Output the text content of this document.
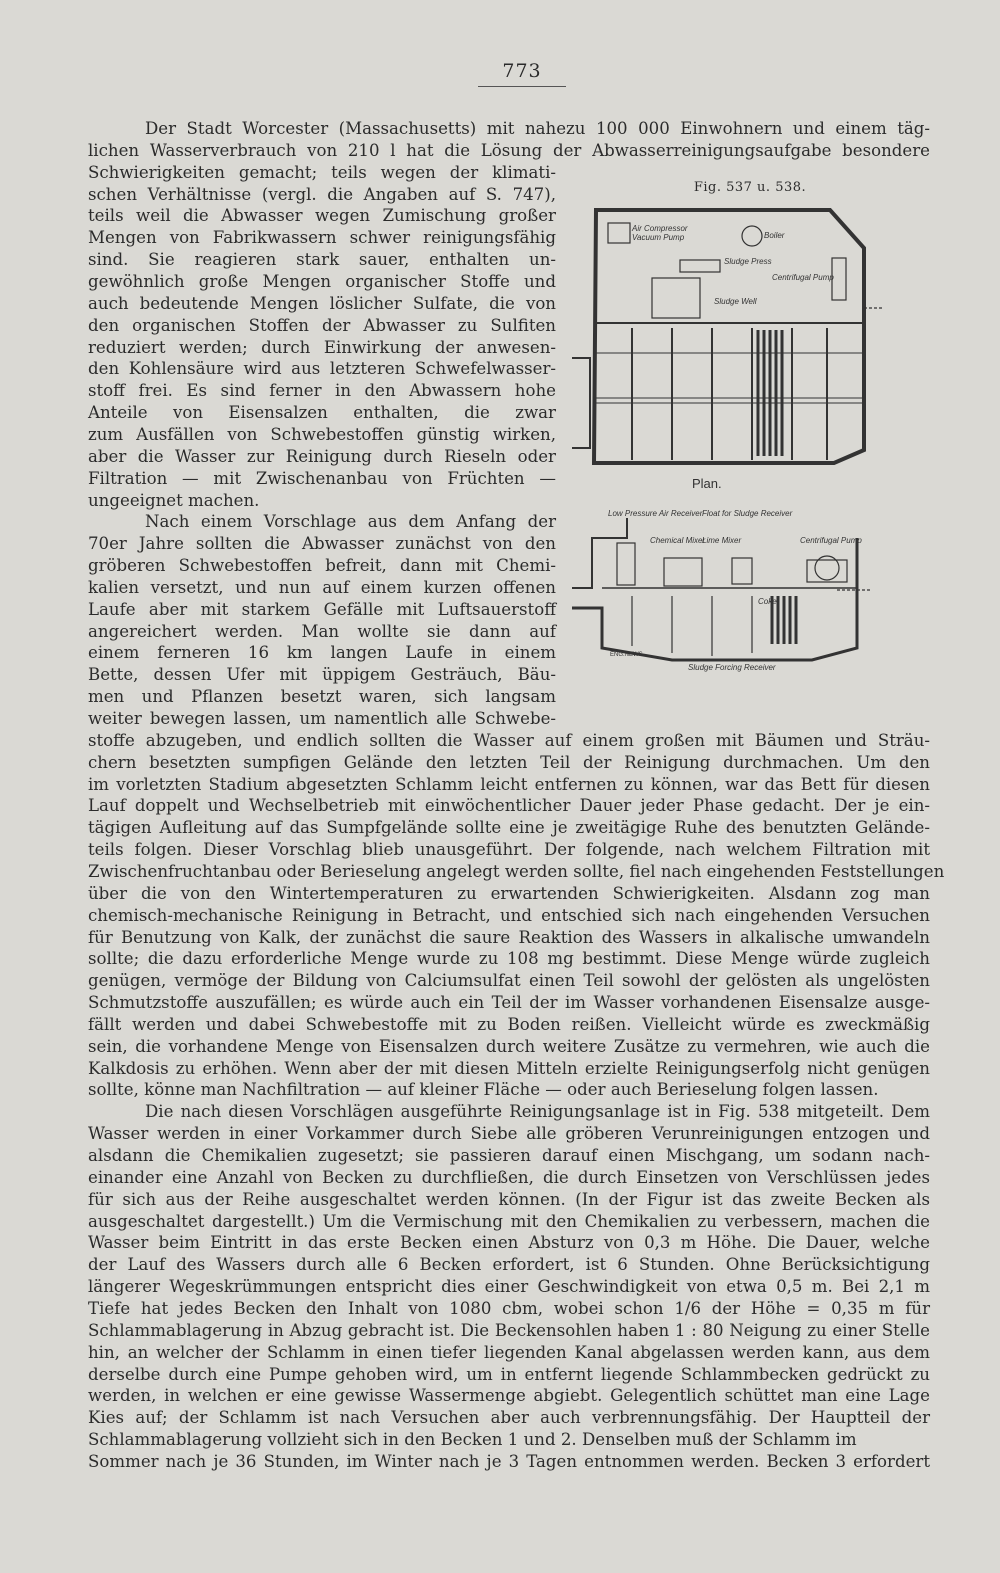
773
Fig. 537 u. 538.
Air Compressor
Vacuum Pump	Boiler
Sludge Press
Centrifugal Pump
Sludge Well
Plan.
Low Pressure Air Receiver Float for Sludge Receiver
Chemical Mixer
Lime Mixer	Centrifugal Pump
Coke
Sludge Forcing Receiver
ENG.NEWS
Der Stadt Worcester (Massachusetts) mit nahezu 100 000 Einwohnern und einem täg-
lichen Wasserverbrauch von 210 l hat die Lösung der Abwasserreinigungsaufgabe besondere
Schwierigkeiten gemacht; teils wegen der klimati-
schen Verhältnisse (vergl. die Angaben auf S. 747),
teils weil die Abwasser wegen Zumischung großer
Mengen von Fabrikwassern schwer reinigungsfähig
sind. Sie reagieren stark sauer, enthalten un-
gewöhnlich große Mengen organischer Stoffe und
auch bedeutende Mengen löslicher Sulfate, die von
den organischen Stoffen der Abwasser zu Sulfiten
reduziert werden; durch Einwirkung der anwesen-
den Kohlensäure wird aus letzteren Schwefelwasser-
stoff frei. Es sind ferner in den Abwassern hohe
Anteile von Eisensalzen enthalten, die zwar
zum Ausfällen von Schwebestoffen günstig wirken,
aber die Wasser zur Reinigung durch Rieseln oder
Filtration — mit Zwischenanbau von Früchten —
ungeeignet machen.
Nach einem Vorschlage aus dem Anfang der
70er Jahre sollten die Abwasser zunächst von den
gröberen Schwebestoffen befreit, dann mit Chemi-
kalien versetzt, und nun auf einem kurzen offenen
Laufe aber mit starkem Gefälle mit Luftsauerstoff
angereichert werden. Man wollte sie dann auf
einem ferneren 16 km langen Laufe in einem
Bette, dessen Ufer mit üppigem Gesträuch, Bäu-
men und Pflanzen besetzt waren, sich langsam
weiter bewegen lassen, um namentlich alle Schwebe-
stoffe abzugeben, und endlich sollten die Wasser auf einem großen mit Bäumen und Sträu-
chern besetzten sumpfigen Gelände den letzten Teil der Reinigung durchmachen. Um den
im vorletzten Stadium abgesetzten Schlamm leicht entfernen zu können, war das Bett für diesen
Lauf doppelt und Wechselbetrieb mit einwöchentlicher Dauer jeder Phase gedacht. Der je ein-
tägigen Aufleitung auf das Sumpfgelände sollte eine je zweitägige Ruhe des benutzten Gelände-
teils folgen. Dieser Vorschlag blieb unausgeführt. Der folgende, nach welchem Filtration mit
Zwischenfruchtanbau oder Berieselung angelegt werden sollte, fiel nach eingehenden Feststellungen
über die von den Wintertemperaturen zu erwartenden Schwierigkeiten. Alsdann zog man
chemisch-mechanische Reinigung in Betracht, und entschied sich nach eingehenden Versuchen
für Benutzung von Kalk, der zunächst die saure Reaktion des Wassers in alkalische umwandeln
sollte; die dazu erforderliche Menge wurde zu 108 mg bestimmt. Diese Menge würde zugleich
genügen, vermöge der Bildung von Calciumsulfat einen Teil sowohl der gelösten als ungelösten
Schmutzstoffe auszufällen; es würde auch ein Teil der im Wasser vorhandenen Eisensalze ausge-
fällt werden und dabei Schwebestoffe mit zu Boden reißen. Vielleicht würde es zweckmäßig
sein, die vorhandene Menge von Eisensalzen durch weitere Zusätze zu vermehren, wie auch die
Kalkdosis zu erhöhen. Wenn aber der mit diesen Mitteln erzielte Reinigungserfolg nicht genügen
sollte, könne man Nachfiltration — auf kleiner Fläche — oder auch Berieselung folgen lassen.
Die nach diesen Vorschlägen ausgeführte Reinigungsanlage ist in Fig. 538 mitgeteilt. Dem
Wasser werden in einer Vorkammer durch Siebe alle gröberen Verunreinigungen entzogen und
alsdann die Chemikalien zugesetzt; sie passieren darauf einen Mischgang, um sodann nach-
einander eine Anzahl von Becken zu durchfließen, die durch Einsetzen von Verschlüssen jedes
für sich aus der Reihe ausgeschaltet werden können. (In der Figur ist das zweite Becken als
ausgeschaltet dargestellt.) Um die Vermischung mit den Chemikalien zu verbessern, machen die
Wasser beim Eintritt in das erste Becken einen Absturz von 0,3 m Höhe. Die Dauer, welche
der Lauf des Wassers durch alle 6 Becken erfordert, ist 6 Stunden. Ohne Berücksichtigung
längerer Wegeskrümmungen entspricht dies einer Geschwindigkeit von etwa 0,5 m. Bei 2,1 m
Tiefe hat jedes Becken den Inhalt von 1080 cbm, wobei schon 1/6 der Höhe = 0,35 m für
Schlammablagerung in Abzug gebracht ist. Die Beckensohlen haben 1 : 80 Neigung zu einer Stelle
hin, an welcher der Schlamm in einen tiefer liegenden Kanal abgelassen werden kann, aus dem
derselbe durch eine Pumpe gehoben wird, um in entfernt liegende Schlammbecken gedrückt zu
werden, in welchen er eine gewisse Wassermenge abgiebt. Gelegentlich schüttet man eine Lage
Kies auf; der Schlamm ist nach Versuchen aber auch verbrennungsfähig. Der Hauptteil der
Schlammablagerung vollzieht sich in den Becken 1 und 2. Denselben muß der Schlamm im
Sommer nach je 36 Stunden, im Winter nach je 3 Tagen entnommen werden. Becken 3 erfordert
